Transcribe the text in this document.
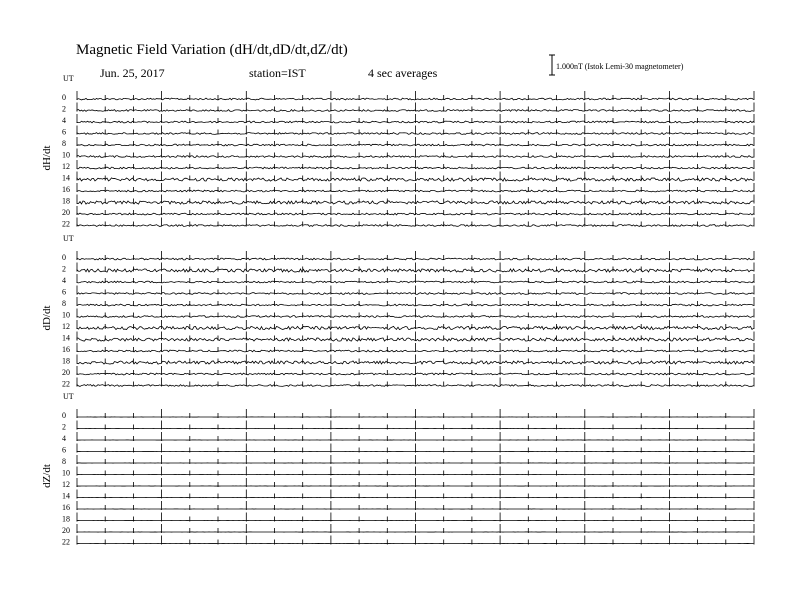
Magnetic Field Variation (dH/dt,dD/dt,dZ/dt)
Jun. 25, 2017	station=IST	4 sec averages	1.000nT (Istok Lemi-30 magnetometer)
UT
dH/dt
0
2
4
6
8
10
12
14
16
18
20
22
UT
dD/dt
0
2
4
6
8
10
12
14
16
18
20
22
UT
dZ/dt
0
2
4
6
8
10
12
14
16
18
20
22
